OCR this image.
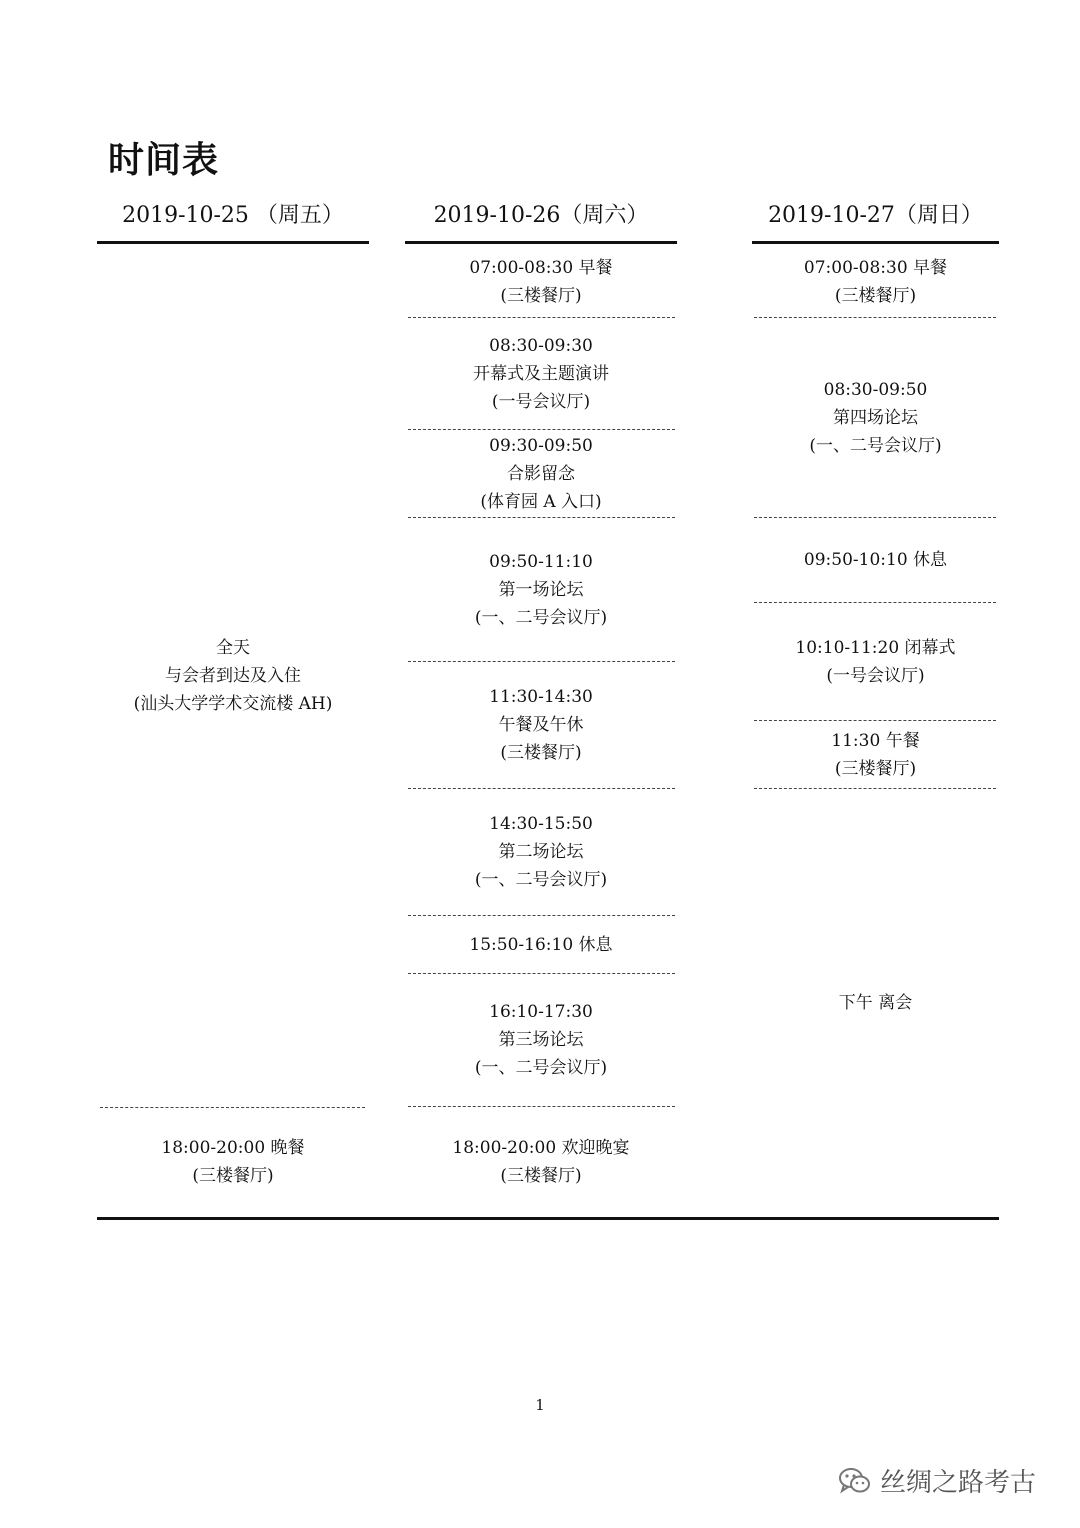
时间表
2019-10-25 （周五）	2019-10-26（周六）	2019-10-27（周日）
全天
与会者到达及入住
(汕头大学学术交流楼 AH)
18:00-20:00 晚餐
(三楼餐厅)
07:00-08:30 早餐
(三楼餐厅)
08:30-09:30
开幕式及主题演讲
(一号会议厅)
09:30-09:50
合影留念
(体育园 A 入口)
09:50-11:10
第一场论坛
(一、二号会议厅)
11:30-14:30
午餐及午休
(三楼餐厅)
14:30-15:50
第二场论坛
(一、二号会议厅)
15:50-16:10 休息
16:10-17:30
第三场论坛
(一、二号会议厅)
18:00-20:00 欢迎晚宴
(三楼餐厅)
07:00-08:30 早餐
(三楼餐厅)
08:30-09:50
第四场论坛
(一、二号会议厅)
09:50-10:10 休息
10:10-11:20 闭幕式
(一号会议厅)
11:30 午餐
(三楼餐厅)
下午 离会
1
丝绸之路考古
